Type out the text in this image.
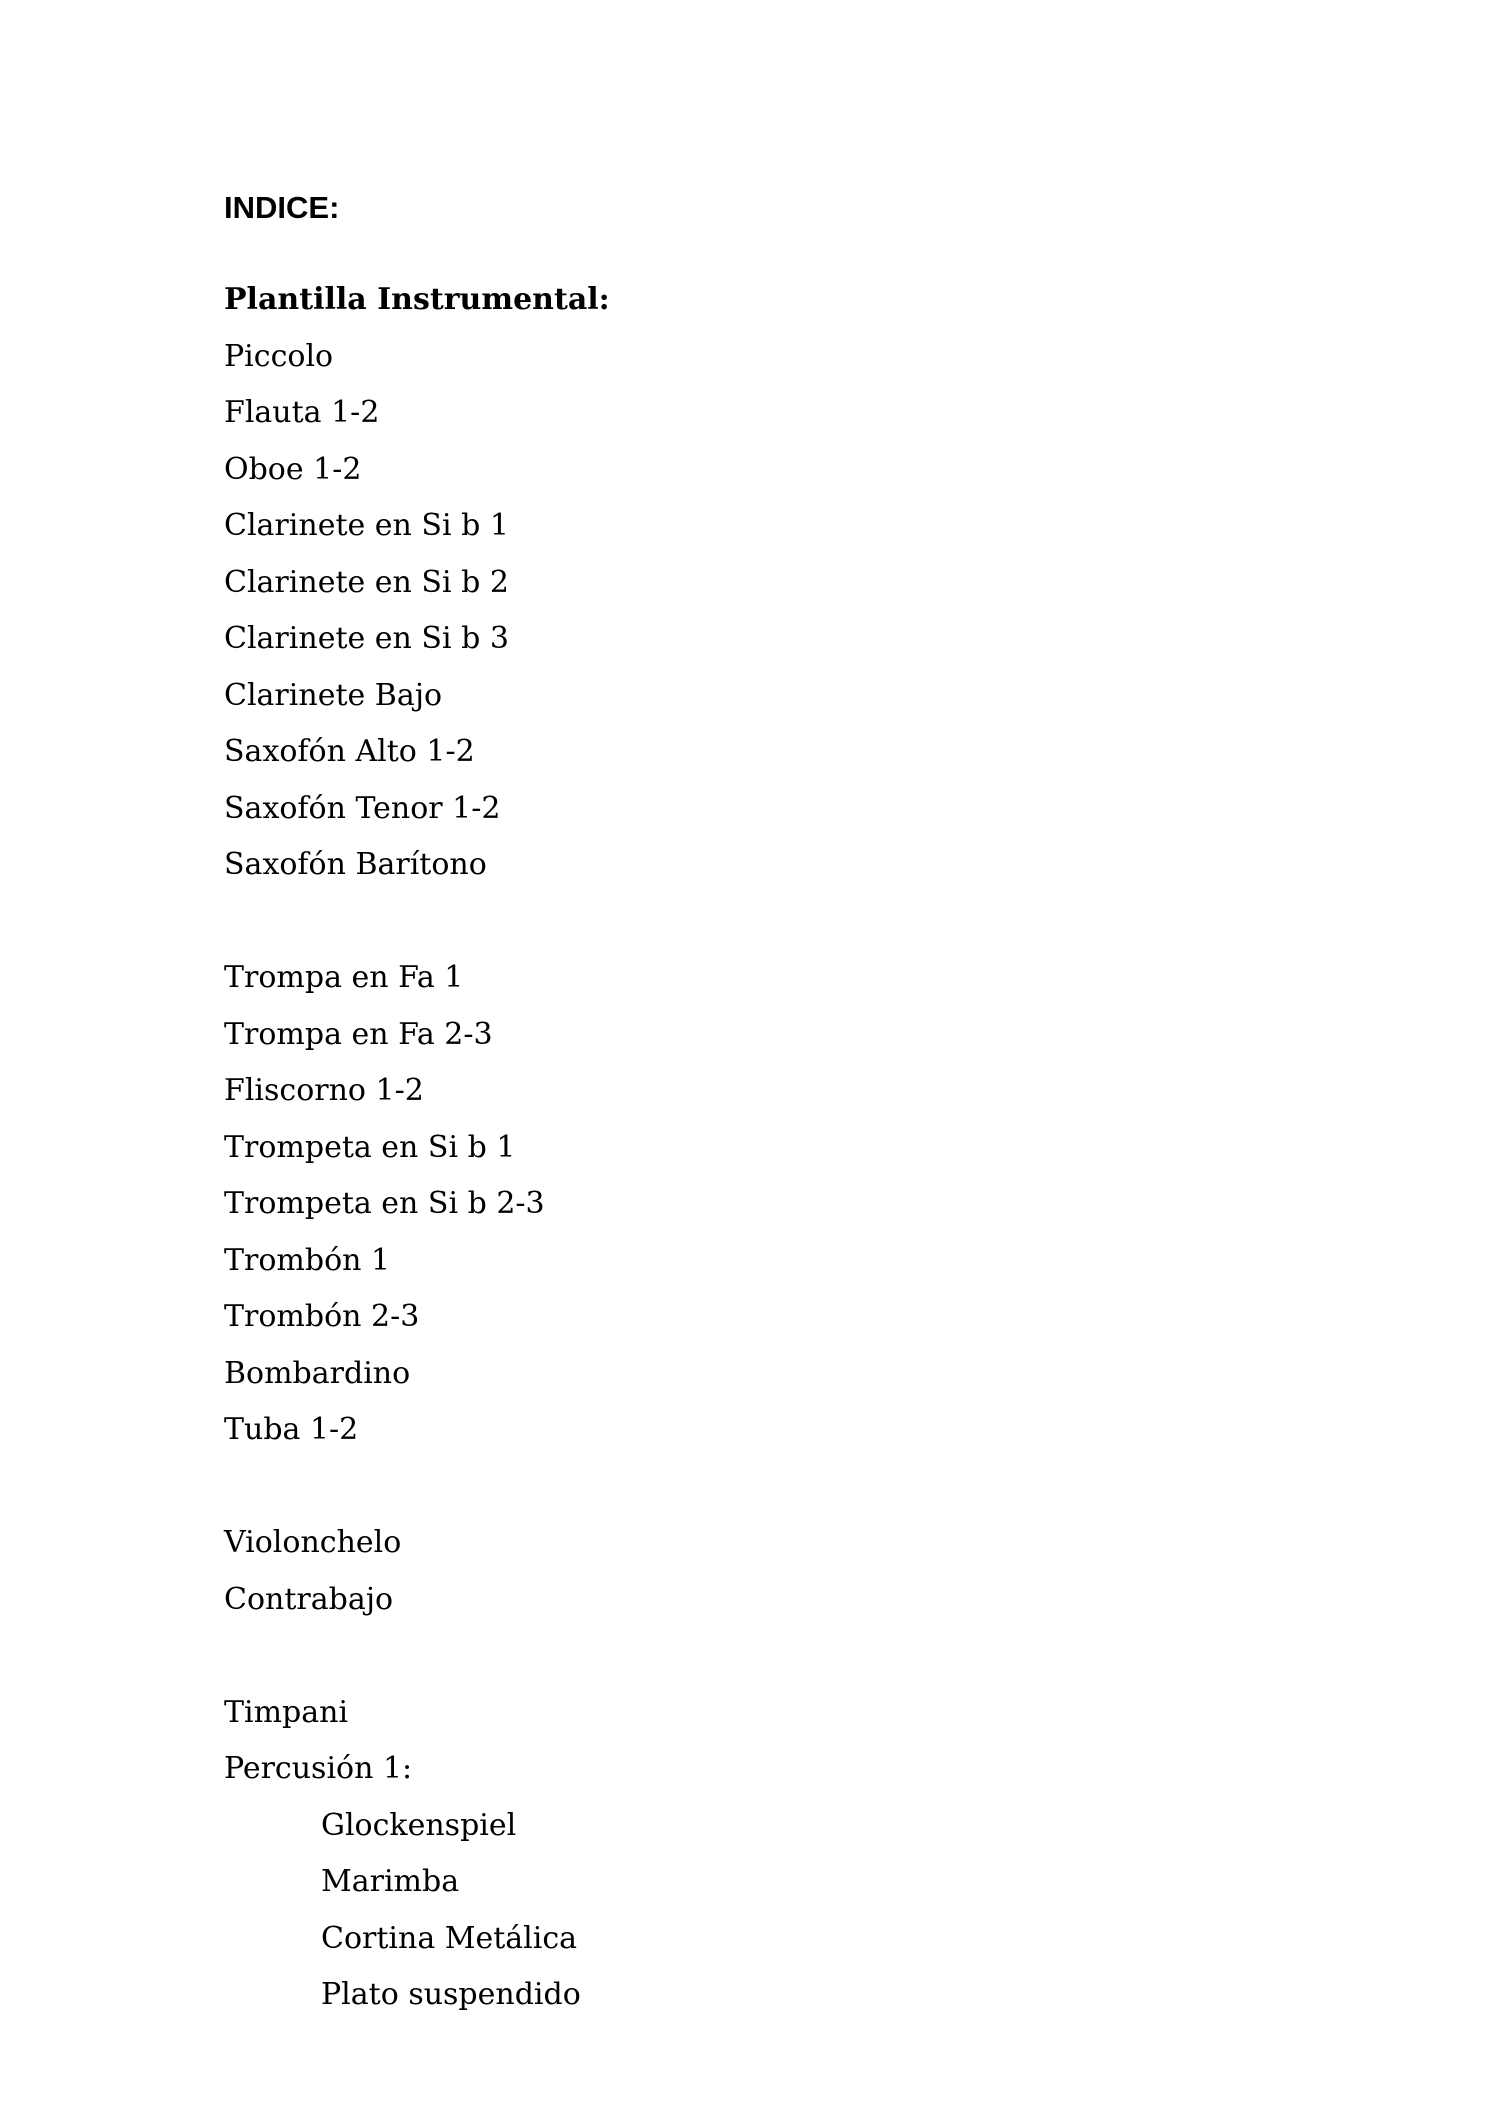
INDICE:
Plantilla Instrumental:
Piccolo
Flauta 1-2
Oboe 1-2
Clarinete en Si b 1
Clarinete en Si b 2
Clarinete en Si b 3
Clarinete Bajo
Saxofón Alto 1-2
Saxofón Tenor 1-2
Saxofón Barítono
Trompa en Fa 1
Trompa en Fa 2-3
Fliscorno 1-2
Trompeta en Si b 1
Trompeta en Si b 2-3
Trombón 1
Trombón 2-3
Bombardino
Tuba 1-2
Violonchelo
Contrabajo
Timpani
Percusión 1:
Glockenspiel
Marimba
Cortina Metálica
Plato suspendido
